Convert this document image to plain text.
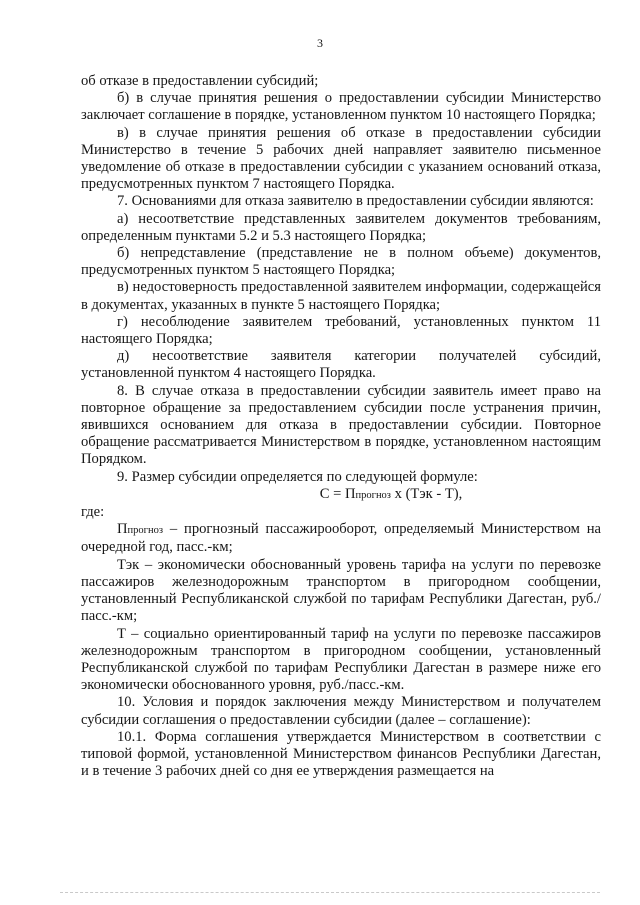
3

об отказе в предоставлении субсидий;

б) в случае принятия решения о предоставлении субсидии Министерство заключает соглашение в порядке, установленном пунктом 10 настоящего Порядка;

в) в случае принятия решения об отказе в предоставлении субсидии Министерство в течение 5 рабочих дней направляет заявителю письменное уведомление об отказе в предоставлении субсидии с указанием оснований отказа, предусмотренных пунктом 7 настоящего Порядка.

7. Основаниями для отказа заявителю в предоставлении субсидии являются:

а) несоответствие представленных заявителем документов требованиям, определенным пунктами 5.2 и 5.3 настоящего Порядка;

б) непредставление (представление не в полном объеме) документов, предусмотренных пунктом 5 настоящего Порядка;

в) недостоверность предоставленной заявителем информации, содержащейся в документах, указанных в пункте 5 настоящего Порядка;

г) несоблюдение заявителем требований, установленных пунктом 11 настоящего Порядка;

д) несоответствие заявителя категории получателей субсидий, установленной пунктом 4 настоящего Порядка.

8. В случае отказа в предоставлении субсидии заявитель имеет право на повторное обращение за предоставлением субсидии после устранения причин, явившихся основанием для отказа в предоставлении субсидии. Повторное обращение рассматривается Министерством в порядке, установленном настоящим Порядком.

9. Размер субсидии определяется по следующей формуле:

С = Ппрогноз х (Тэк - Т),

где:

Ппрогноз – прогнозный пассажирооборот, определяемый Министерством на очередной год, пасс.-км;

Тэк – экономически обоснованный уровень тарифа на услуги по перевозке пассажиров железнодорожным транспортом в пригородном сообщении, установленный Республиканской службой по тарифам Республики Дагестан, руб./пасс.-км;

Т – социально ориентированный тариф на услуги по перевозке пассажиров железнодорожным транспортом в пригородном сообщении, установленный Республиканской службой по тарифам Республики Дагестан в размере ниже его экономически обоснованного уровня, руб./пасс.-км.

10. Условия и порядок заключения между Министерством и получателем субсидии соглашения о предоставлении субсидии (далее – соглашение):

10.1. Форма соглашения утверждается Министерством в соответствии с типовой формой, установленной Министерством финансов Республики Дагестан, и в течение 3 рабочих дней со дня ее утверждения размещается на
